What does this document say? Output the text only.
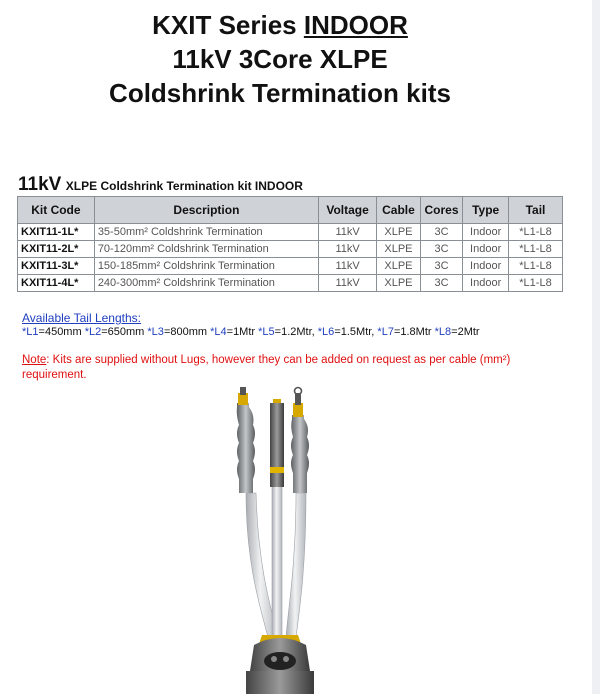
KXIT Series INDOOR
11kV 3Core XLPE
Coldshrink Termination kits
11kV XLPE Coldshrink Termination kit INDOOR
Kit Code	Description	Voltage	Cable	Cores	Type	Tail
KXIT11-1L*	35-50mm² Coldshrink Termination	11kV	XLPE	3C	Indoor	*L1-L8
KXIT11-2L*	70-120mm² Coldshrink Termination	11kV	XLPE	3C	Indoor	*L1-L8
KXIT11-3L*	150-185mm² Coldshrink Termination	11kV	XLPE	3C	Indoor	*L1-L8
KXIT11-4L*	240-300mm² Coldshrink Termination	11kV	XLPE	3C	Indoor	*L1-L8
Available Tail Lengths:
*L1=450mm *L2=650mm *L3=800mm *L4=1Mtr *L5=1.2Mtr, *L6=1.5Mtr, *L7=1.8Mtr *L8=2Mtr
Note: Kits are supplied without Lugs, however they can be added on request as per cable (mm²) requirement.
